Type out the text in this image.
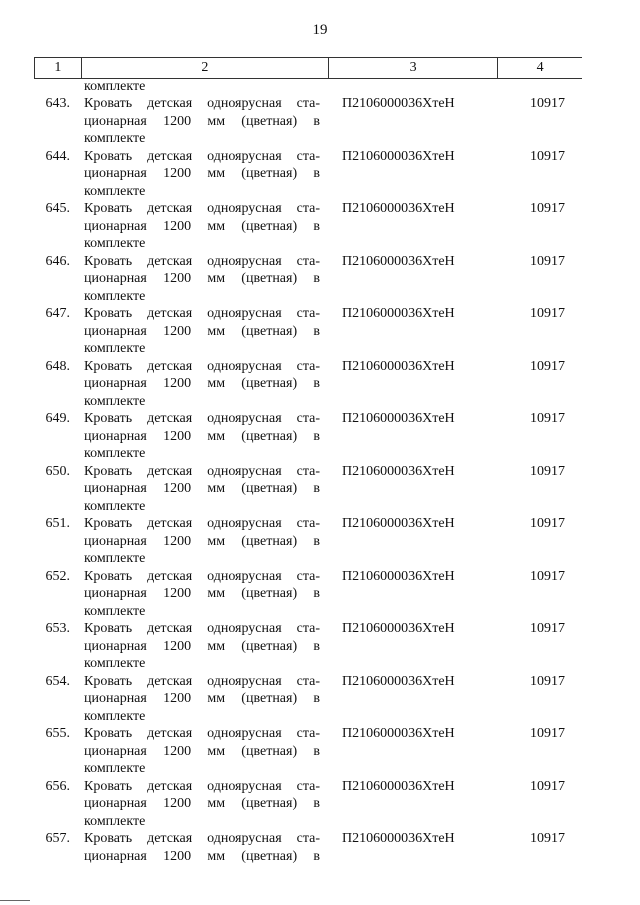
19
1	2	3	4
комплекте
643. Кровать детская одноярусная ста-
ционарная 1200 мм (цветная) в
комплекте
П2106000036ХтеН	10917
644. Кровать детская одноярусная ста-
ционарная 1200 мм (цветная) в
комплекте
П2106000036ХтеН	10917
645. Кровать детская одноярусная ста-
ционарная 1200 мм (цветная) в
комплекте
П2106000036ХтеН	10917
646. Кровать детская одноярусная ста-
ционарная 1200 мм (цветная) в
комплекте
П2106000036ХтеН	10917
647. Кровать детская одноярусная ста-
ционарная 1200 мм (цветная) в
комплекте
П2106000036ХтеН	10917
648. Кровать детская одноярусная ста-
ционарная 1200 мм (цветная) в
комплекте
П2106000036ХтеН	10917
649. Кровать детская одноярусная ста-
ционарная 1200 мм (цветная) в
комплекте
П2106000036ХтеН	10917
650. Кровать детская одноярусная ста-
ционарная 1200 мм (цветная) в
комплекте
П2106000036ХтеН	10917
651. Кровать детская одноярусная ста-
ционарная 1200 мм (цветная) в
комплекте
П2106000036ХтеН	10917
652. Кровать детская одноярусная ста-
ционарная 1200 мм (цветная) в
комплекте
П2106000036ХтеН	10917
653. Кровать детская одноярусная ста-
ционарная 1200 мм (цветная) в
комплекте
П2106000036ХтеН	10917
654. Кровать детская одноярусная ста-
ционарная 1200 мм (цветная) в
комплекте
П2106000036ХтеН	10917
655. Кровать детская одноярусная ста-
ционарная 1200 мм (цветная) в
комплекте
П2106000036ХтеН	10917
656. Кровать детская одноярусная ста-
ционарная 1200 мм (цветная) в
комплекте
П2106000036ХтеН	10917
657. Кровать детская одноярусная ста-
ционарная 1200 мм (цветная) в
П2106000036ХтеН	10917
